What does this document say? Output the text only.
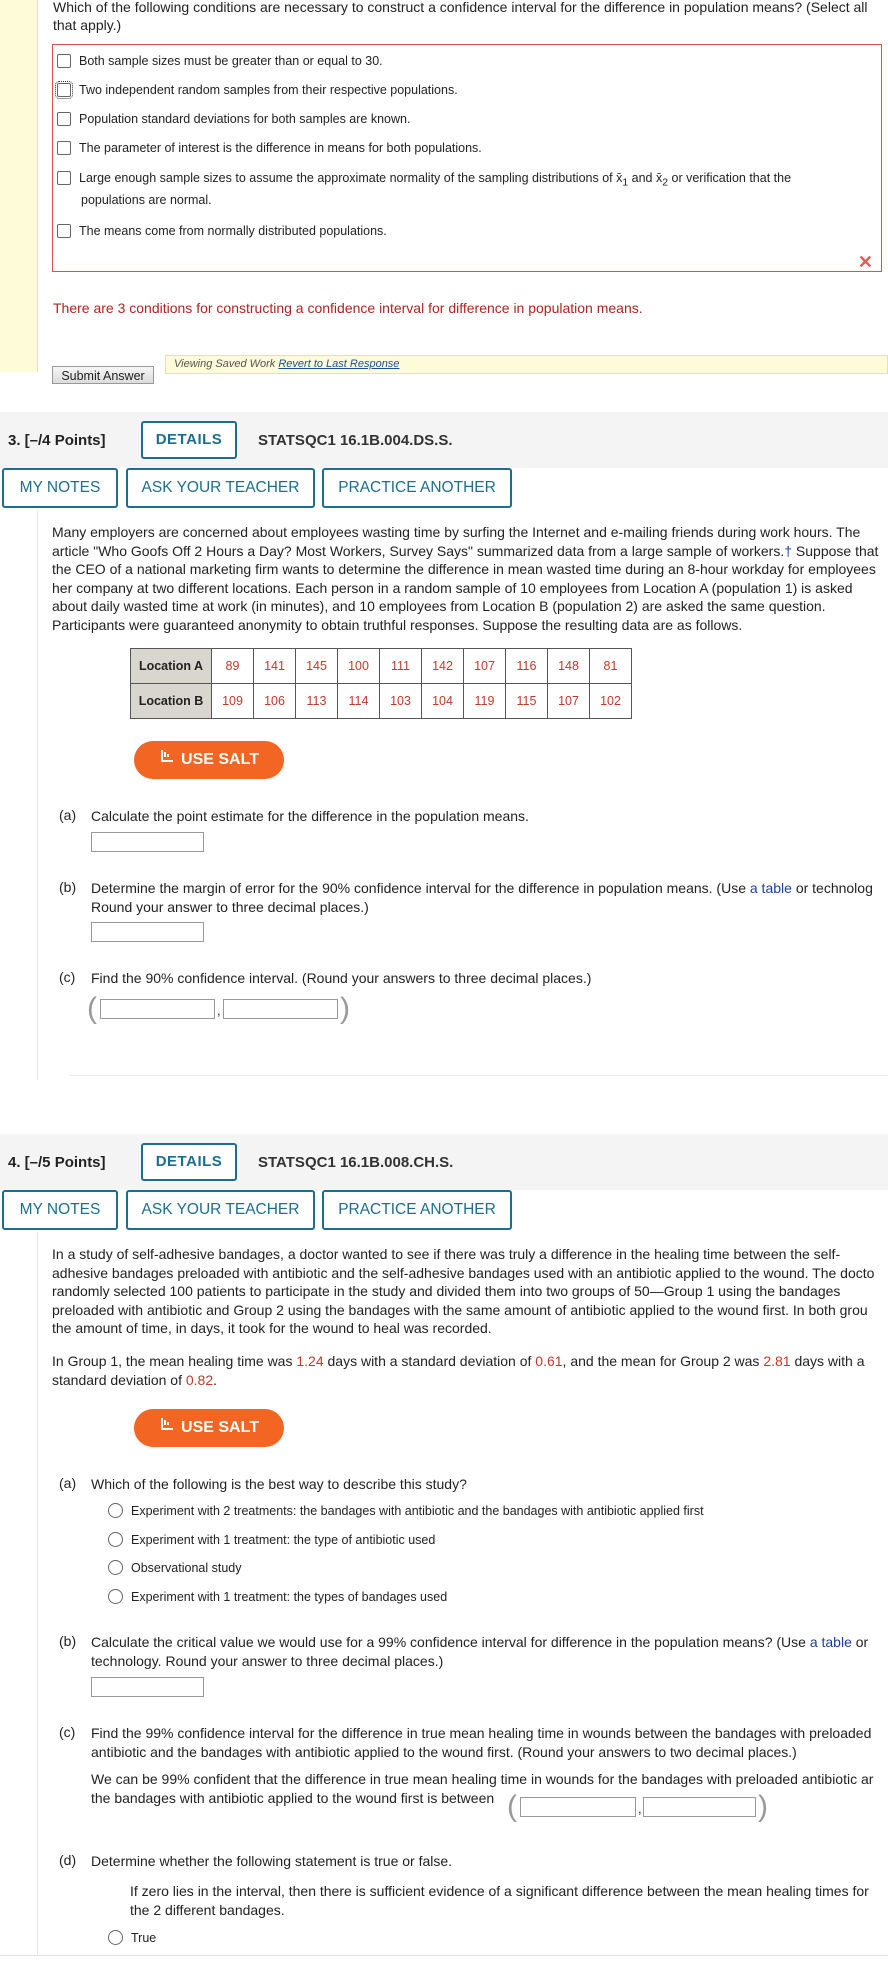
Which of the following conditions are necessary to construct a confidence interval for the difference in population means? (Select all that apply.)
Both sample sizes must be greater than or equal to 30.
Two independent random samples from their respective populations.
Population standard deviations for both samples are known.
The parameter of interest is the difference in means for both populations.
Large enough sample sizes to assume the approximate normality of the sampling distributions of $x̄_1$ and $x̄_2$ or verification that the
populations are normal.
The means come from normally distributed populations.
✕
There are 3 conditions for constructing a confidence interval for difference in population means.
Viewing Saved Work Revert to Last Response
Submit Answer
3. [–/4 Points]	DETAILS	STATSQC1 16.1B.004.DS.S.
MY NOTES	ASK YOUR TEACHER	PRACTICE ANOTHER
Many employers are concerned about employees wasting time by surfing the Internet and e-mailing friends during work hours. The
article "Who Goofs Off 2 Hours a Day? Most Workers, Survey Says" summarized data from a large sample of workers.† Suppose that
the CEO of a national marketing firm wants to determine the difference in mean wasted time during an 8-hour workday for employees
her company at two different locations. Each person in a random sample of 10 employees from Location A (population 1) is asked
about daily wasted time at work (in minutes), and 10 employees from Location B (population 2) are asked the same question.
Participants were guaranteed anonymity to obtain truthful responses. Suppose the resulting data are as follows.
Location A	89	141	145	100	111	142	107	116	148	81
Location B	109	106	113	114	103	104	119	115	107	102
USE SALT
(a) Calculate the point estimate for the difference in the population means.
(b) Determine the margin of error for the 90% confidence interval for the difference in population means. (Use a table or technolog
Round your answer to three decimal places.)
(c) Find the 90% confidence interval. (Round your answers to three decimal places.)
(	,	)
4. [–/5 Points]	DETAILS	STATSQC1 16.1B.008.CH.S.
MY NOTES	ASK YOUR TEACHER	PRACTICE ANOTHER
In a study of self-adhesive bandages, a doctor wanted to see if there was truly a difference in the healing time between the self-
adhesive bandages preloaded with antibiotic and the self-adhesive bandages used with an antibiotic applied to the wound. The docto
randomly selected 100 patients to participate in the study and divided them into two groups of 50—Group 1 using the bandages
preloaded with antibiotic and Group 2 using the bandages with the same amount of antibiotic applied to the wound first. In both grou
the amount of time, in days, it took for the wound to heal was recorded.
In Group 1, the mean healing time was 1.24 days with a standard deviation of 0.61, and the mean for Group 2 was 2.81 days with a
standard deviation of 0.82.
USE SALT
(a) Which of the following is the best way to describe this study?
Experiment with 2 treatments: the bandages with antibiotic and the bandages with antibiotic applied first
Experiment with 1 treatment: the type of antibiotic used
Observational study
Experiment with 1 treatment: the types of bandages used
(b) Calculate the critical value we would use for a 99% confidence interval for difference in the population means? (Use a table or
technology. Round your answer to three decimal places.)
(c) Find the 99% confidence interval for the difference in true mean healing time in wounds between the bandages with preloaded
antibiotic and the bandages with antibiotic applied to the wound first. (Round your answers to two decimal places.)
We can be 99% confident that the difference in true mean healing time in wounds for the bandages with preloaded antibiotic ar
the bandages with antibiotic applied to the wound first is between (	,	)
(d) Determine whether the following statement is true or false.
If zero lies in the interval, then there is sufficient evidence of a significant difference between the mean healing times for
the 2 different bandages.
True
